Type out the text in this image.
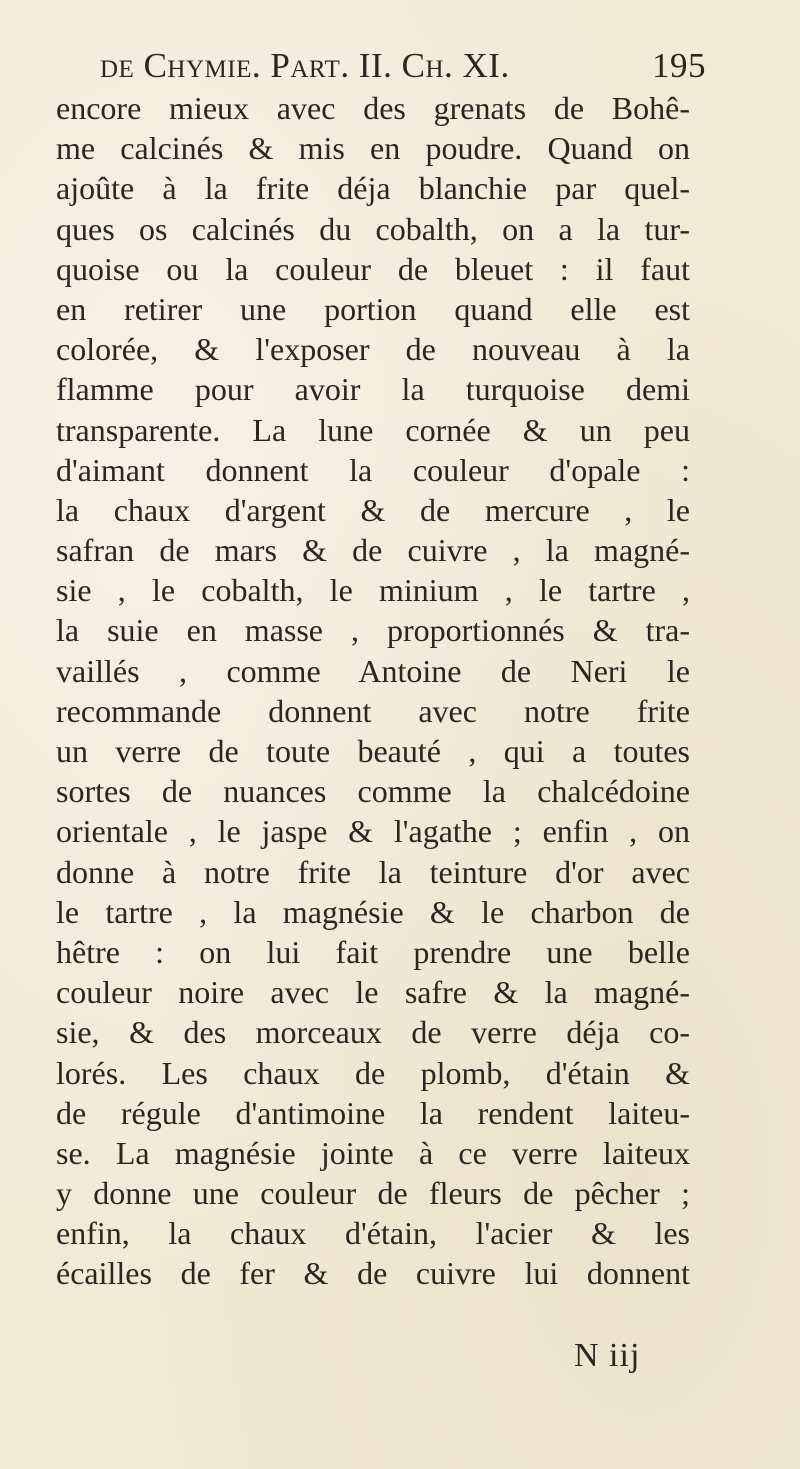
de Chymie. Part. II. Ch. XI.	195
encore mieux avec des grenats de Bohê-
me calcinés & mis en poudre. Quand on
ajoûte à la frite déja blanchie par quel-
ques os calcinés du cobalth, on a la tur-
quoise ou la couleur de bleuet : il faut
en retirer une portion quand elle est
colorée, & l'exposer de nouveau à la
flamme pour avoir la turquoise demi
transparente. La lune cornée & un peu
d'aimant donnent la couleur d'opale :
la chaux d'argent & de mercure , le
safran de mars & de cuivre , la magné-
sie , le cobalth, le minium , le tartre ,
la suie en masse , proportionnés & tra-
vaillés , comme Antoine de Neri le
recommande donnent avec notre frite
un verre de toute beauté , qui a toutes
sortes de nuances comme la chalcédoine
orientale , le jaspe & l'agathe ; enfin , on
donne à notre frite la teinture d'or avec
le tartre , la magnésie & le charbon de
hêtre : on lui fait prendre une belle
couleur noire avec le safre & la magné-
sie, & des morceaux de verre déja co-
lorés. Les chaux de plomb, d'étain &
de régule d'antimoine la rendent laiteu-
se. La magnésie jointe à ce verre laiteux
y donne une couleur de fleurs de pêcher ;
enfin, la chaux d'étain, l'acier & les
écailles de fer & de cuivre lui donnent
N iij
